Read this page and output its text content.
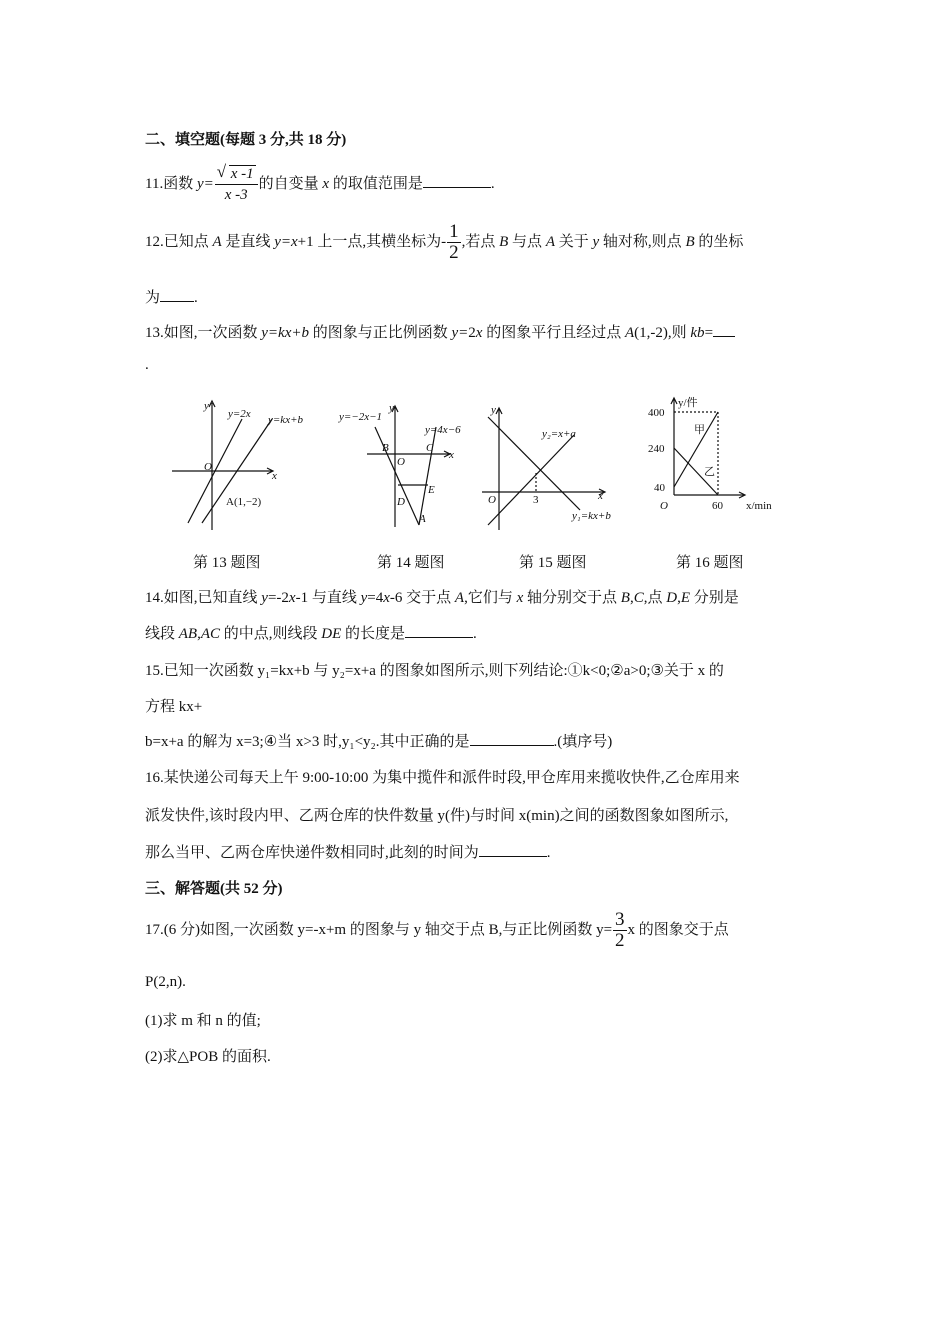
二、填空题(每题 3 分,共 18 分)
11.函数 $y= \frac{√ x -1}{x -3}$ 的自变量 x 的取值范围是	.
12.已知点 A 是直线 y=x+1 上一点,其横坐标为- $\frac{1}{2}$ ,若点 B 与点 A 关于 y 轴对称,则点 B 的坐标
为 .
13.如图,一次函数 y=kx+b 的图象与正比例函数 y=2x 的图象平行且经过点 A(1,-2),则 kb=
.
y
x
O
y=2x y=kx+b
A(1,−2)
第 13 题图
y
x
O
y=−2x−1
y=4x−6
B	C
D
E
A
第 14 题图
y
x
O	3
y₂=x+a
y₁=kx+b
第 15 题图
y/件
x/min
O
400
240
40
60
甲
乙
第 16 题图
14.如图,已知直线 y=-2x-1 与直线 y=4x-6 交于点 A,它们与 x 轴分别交于点 B,C,点 D,E 分别是
线段 AB,AC 的中点,则线段 DE 的长度是	.
15.已知一次函数 y₁=kx+b 与 y₂=x+a 的图象如图所示,则下列结论:①k<0;②a>0;③关于 x 的
方程 kx+
b=x+a 的解为 x=3;④当 x>3 时,y₁<y₂.其中正确的是	.(填序号)
16.某快递公司每天上午 9:00-10:00 为集中揽件和派件时段,甲仓库用来揽收快件,乙仓库用来
派发快件,该时段内甲、乙两仓库的快件数量 y(件)与时间 x(min)之间的函数图象如图所示,
那么当甲、乙两仓库快递件数相同时,此刻的时间为	.
三、解答题(共 52 分)
17.(6 分)如图,一次函数 y=-x+m 的图象与 y 轴交于点 B,与正比例函数 $y= \frac{3}{2}$ x 的图象交于点
P(2,n).
(1)求 m 和 n 的值;
(2)求△POB 的面积.
